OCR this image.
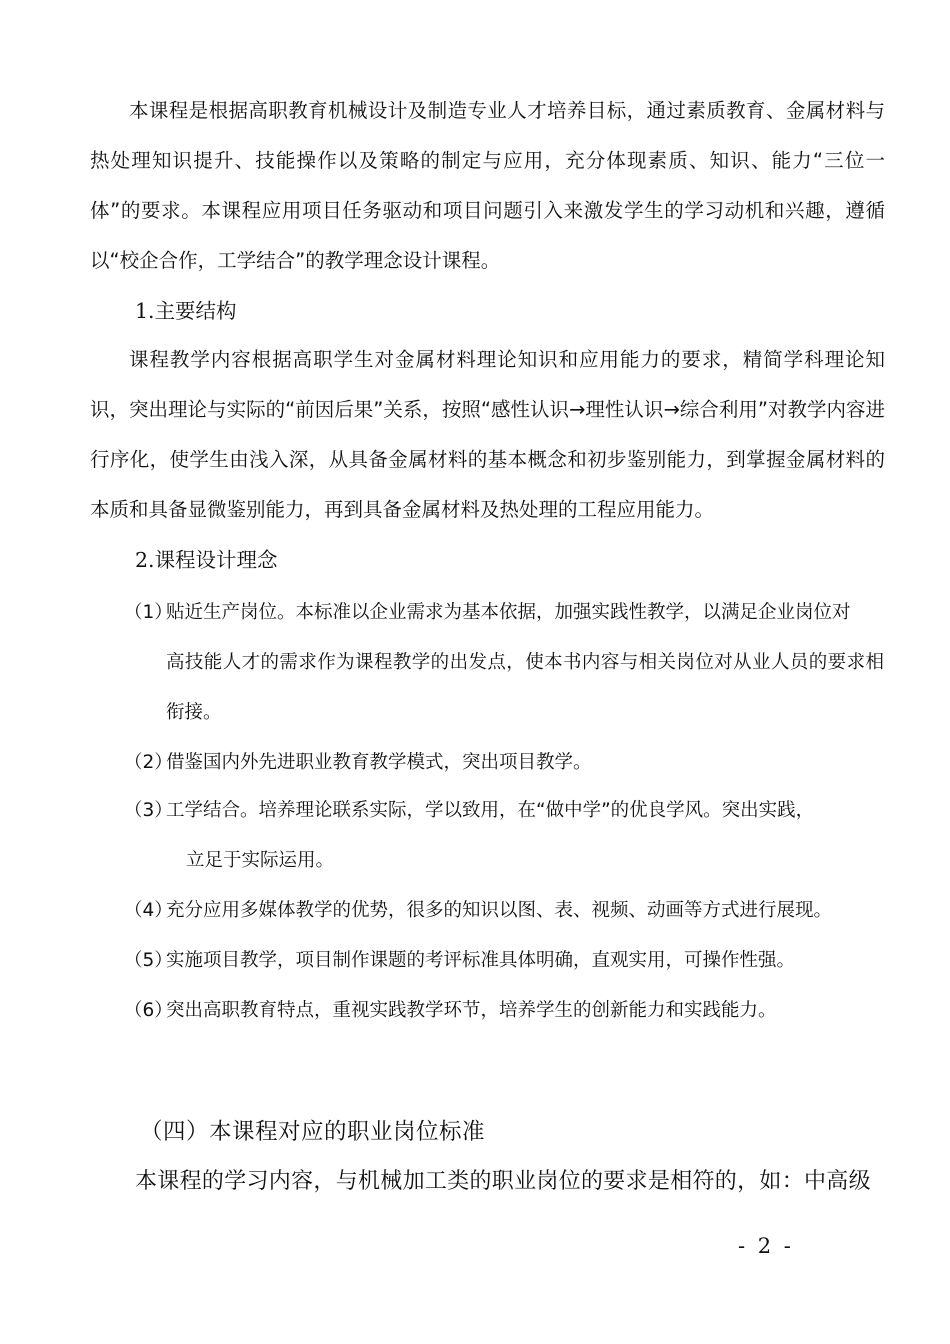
本课程是根据高职教育机械设计及制造专业人才培养目标，通过素质教育、金属材料与热处理知识提升、技能操作以及策略的制定与应用，充分体现素质、知识、能力“三位一体”的要求。本课程应用项目任务驱动和项目问题引入来激发学生的学习动机和兴趣，遵循以“校企合作，工学结合”的教学理念设计课程。

1.主要结构

课程教学内容根据高职学生对金属材料理论知识和应用能力的要求，精简学科理论知识，突出理论与实际的“前因后果”关系，按照“感性认识→理性认识→综合利用”对教学内容进行序化，使学生由浅入深，从具备金属材料的基本概念和初步鉴别能力，到掌握金属材料的本质和具备显微鉴别能力，再到具备金属材料及热处理的工程应用能力。

2.课程设计理念
（1）贴近生产岗位。本标准以企业需求为基本依据，加强实践性教学，以满足企业岗位对
高技能人才的需求作为课程教学的出发点，使本书内容与相关岗位对从业人员的要求相衔接。
（2）借鉴国内外先进职业教育教学模式，突出项目教学。
（3）工学结合。培养理论联系实际，学以致用，在“做中学”的优良学风。突出实践，
立足于实际运用。
（4）充分应用多媒体教学的优势，很多的知识以图、表、视频、动画等方式进行展现。
（5）实施项目教学，项目制作课题的考评标准具体明确，直观实用，可操作性强。
（6）突出高职教育特点，重视实践教学环节，培养学生的创新能力和实践能力。
（四）本课程对应的职业岗位标准

本课程的学习内容，与机械加工类的职业岗位的要求是相符的，如：中高级

- 2 -
